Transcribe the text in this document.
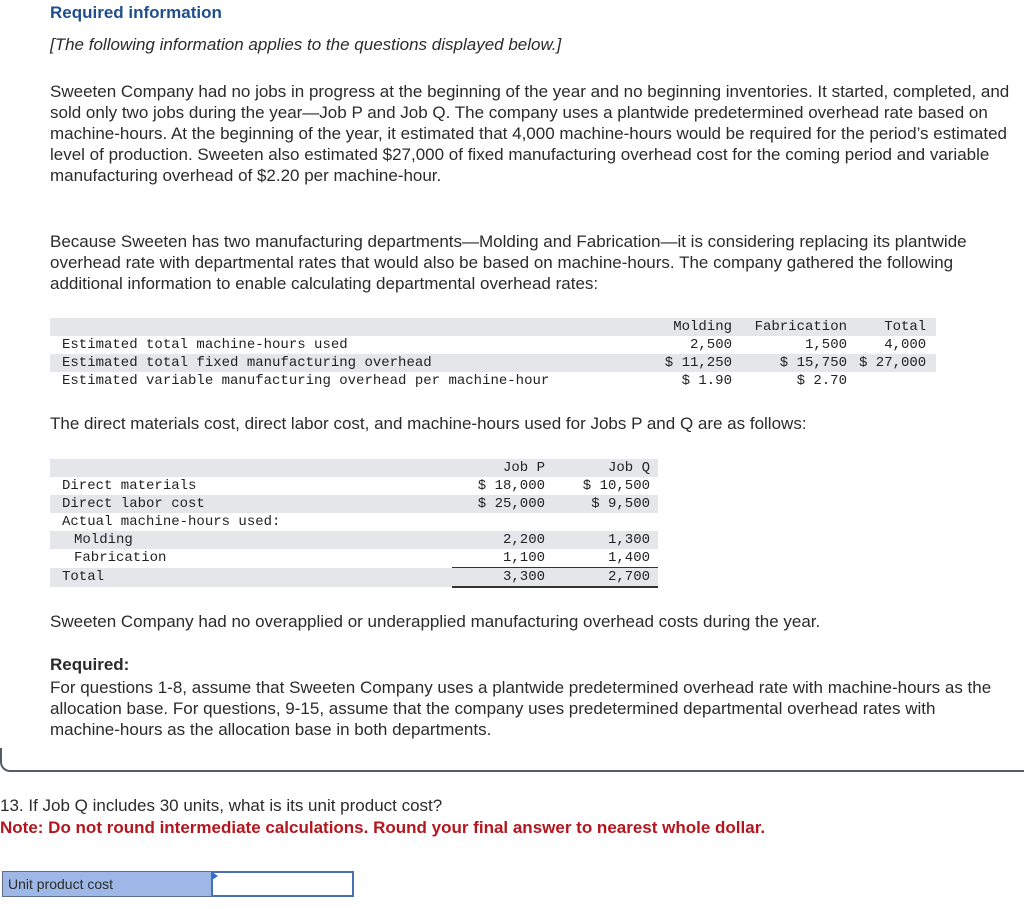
Required information
[The following information applies to the questions displayed below.]
Sweeten Company had no jobs in progress at the beginning of the year and no beginning inventories. It started, completed, and sold only two jobs during the year—Job P and Job Q. The company uses a plantwide predetermined overhead rate based on machine-hours. At the beginning of the year, it estimated that 4,000 machine-hours would be required for the period’s estimated level of production. Sweeten also estimated $27,000 of fixed manufacturing overhead cost for the coming period and variable manufacturing overhead of $2.20 per machine-hour.
Because Sweeten has two manufacturing departments—Molding and Fabrication—it is considering replacing its plantwide overhead rate with departmental rates that would also be based on machine-hours. The company gathered the following additional information to enable calculating departmental overhead rates:
	Molding	Fabrication	Total
Estimated total machine-hours used	2,500	1,500	4,000
Estimated total fixed manufacturing overhead	$ 11,250	$ 15,750	$ 27,000
Estimated variable manufacturing overhead per machine-hour	$ 1.90	$ 2.70	
The direct materials cost, direct labor cost, and machine-hours used for Jobs P and Q are as follows:
	Job P	Job Q
Direct materials	$ 18,000	$ 10,500
Direct labor cost	$ 25,000	$ 9,500
Actual machine-hours used:		
Molding	2,200	1,300
Fabrication	1,100	1,400
Total	3,300	2,700
Sweeten Company had no overapplied or underapplied manufacturing overhead costs during the year.
Required:
For questions 1-8, assume that Sweeten Company uses a plantwide predetermined overhead rate with machine-hours as the allocation base. For questions, 9-15, assume that the company uses predetermined departmental overhead rates with machine-hours as the allocation base in both departments.
13. If Job Q includes 30 units, what is its unit product cost?
Note: Do not round intermediate calculations. Round your final answer to nearest whole dollar.
Unit product cost
